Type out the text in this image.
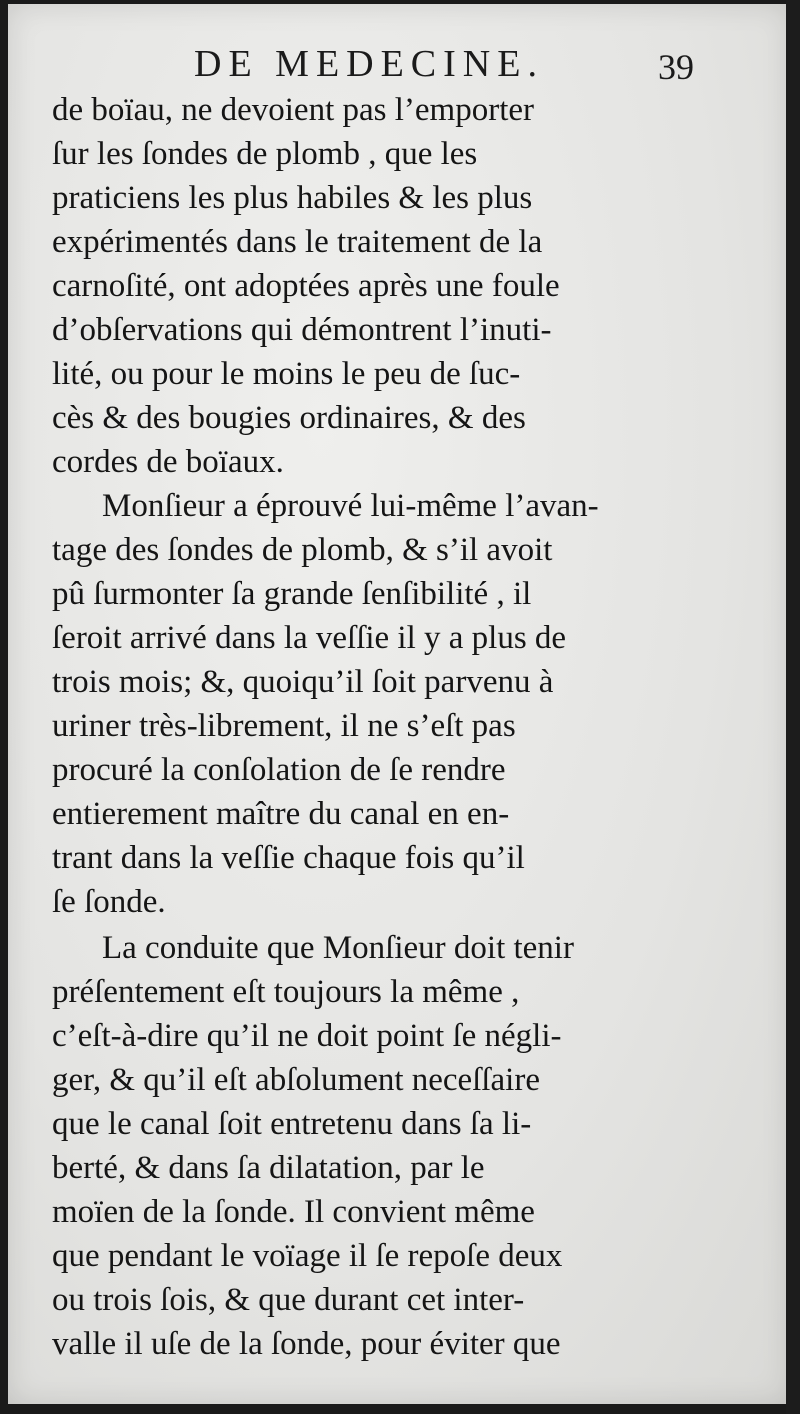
DE MEDECINE.	39
de boïau, ne devoient pas l’emporter
ſur les ſondes de plomb , que les
praticiens les plus habiles & les plus
expérimentés dans le traitement de la
carnoſité, ont adoptées après une foule
d’obſervations qui démontrent l’inuti-
lité, ou pour le moins le peu de ſuc-
cès & des bougies ordinaires, & des
cordes de boïaux.
Monſieur a éprouvé lui-même l’avan-
tage des ſondes de plomb, & s’il avoit
pû ſurmonter ſa grande ſenſibilité , il
ſeroit arrivé dans la veſſie il y a plus de
trois mois; &, quoiqu’il ſoit parvenu à
uriner très-librement, il ne s’eſt pas
procuré la conſolation de ſe rendre
entierement maître du canal en en-
trant dans la veſſie chaque fois qu’il
ſe ſonde.
La conduite que Monſieur doit tenir
préſentement eſt toujours la même ,
c’eſt-à-dire qu’il ne doit point ſe négli-
ger, & qu’il eſt abſolument neceſſaire
que le canal ſoit entretenu dans ſa li-
berté, & dans ſa dilatation, par le
moïen de la ſonde. Il convient même
que pendant le voïage il ſe repoſe deux
ou trois ſois, & que durant cet inter-
valle il uſe de la ſonde, pour éviter que
